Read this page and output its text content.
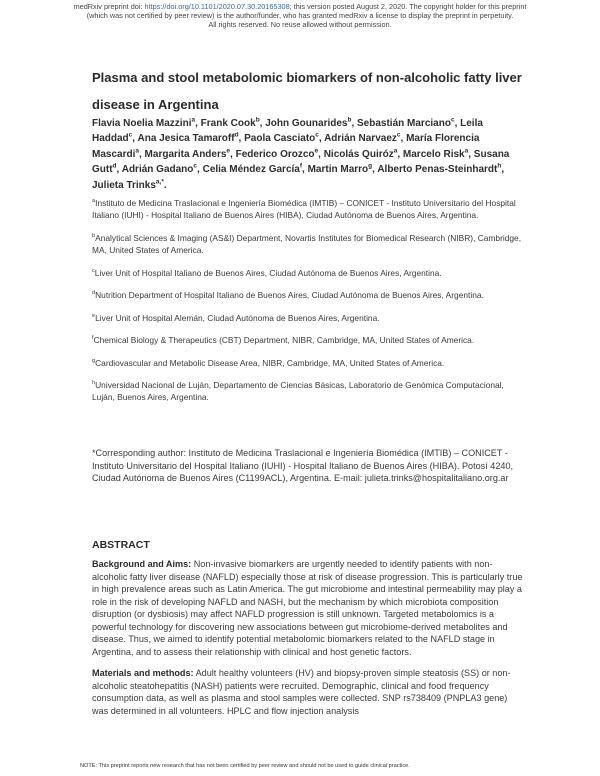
medRxiv preprint doi: https://doi.org/10.1101/2020.07.30.20165308; this version posted August 2, 2020. The copyright holder for this preprint
(which was not certified by peer review) is the author/funder, who has granted medRxiv a license to display the preprint in perpetuity.
All rights reserved. No reuse allowed without permission.
Plasma and stool metabolomic biomarkers of non-alcoholic fatty liver disease in Argentina
Flavia Noelia Mazzini$^a$, Frank Cook$^b$, John Gounarides$^b$, Sebastián Marciano$^c$, Leila Haddad$^c$, Ana Jesica Tamaroff$^d$, Paola Casciato$^c$, Adrián Narvaez$^c$, María Florencia Mascardi$^a$, Margarita Anders$^e$, Federico Orozco$^e$, Nicolás Quiróz$^a$, Marcelo Risk$^a$, Susana Gutt$^d$, Adrián Gadano$^c$, Celia Méndez García$^f$, Martin Marro$^g$, Alberto Penas-Steinhardt$^h$, Julieta Trinks$^{a,*}$.

$^a$Instituto de Medicina Traslacional e Ingeniería Biomédica (IMTIB) – CONICET - Instituto Universitario del Hospital Italiano (IUHI) - Hospital Italiano de Buenos Aires (HIBA), Ciudad Autónoma de Buenos Aires, Argentina.

$^b$Analytical Sciences & Imaging (AS&I) Department, Novartis Institutes for Biomedical Research (NIBR), Cambridge, MA, United States of America.

$^c$Liver Unit of Hospital Italiano de Buenos Aires, Ciudad Autónoma de Buenos Aires, Argentina.

$^d$Nutrition Department of Hospital Italiano de Buenos Aires, Ciudad Autónoma de Buenos Aires, Argentina.

$^e$Liver Unit of Hospital Alemán, Ciudad Autónoma de Buenos Aires, Argentina.

$^f$Chemical Biology & Therapeutics (CBT) Department, NIBR, Cambridge, MA, United States of America.

$^g$Cardiovascular and Metabolic Disease Area, NIBR, Cambridge, MA, United States of America.

$^h$Universidad Nacional de Luján, Departamento de Ciencias Básicas, Laboratorio de Genómica Computacional, Luján, Buenos Aires, Argentina.

*Corresponding author: Instituto de Medicina Traslacional e Ingeniería Biomédica (IMTIB) – CONICET - Instituto Universitario del Hospital Italiano (IUHI) - Hospital Italiano de Buenos Aires (HIBA). Potosí 4240, Ciudad Autónoma de Buenos Aires (C1199ACL), Argentina. E-mail: julieta.trinks@hospitalitaliano.org.ar
ABSTRACT

Background and Aims: Non-invasive biomarkers are urgently needed to identify patients with non-alcoholic fatty liver disease (NAFLD) especially those at risk of disease progression. This is particularly true in high prevalence areas such as Latin America. The gut microbiome and intestinal permeability may play a role in the risk of developing NAFLD and NASH, but the mechanism by which microbiota composition disruption (or dysbiosis) may affect NAFLD progression is still unknown. Targeted metabolomics is a powerful technology for discovering new associations between gut microbiome-derived metabolites and disease. Thus, we aimed to identify potential metabolomic biomarkers related to the NAFLD stage in Argentina, and to assess their relationship with clinical and host genetic factors.

Materials and methods: Adult healthy volunteers (HV) and biopsy-proven simple steatosis (SS) or non-alcoholic steatohepatitis (NASH) patients were recruited. Demographic, clinical and food frequency consumption data, as well as plasma and stool samples were collected. SNP rs738409 (PNPLA3 gene) was determined in all volunteers. HPLC and flow injection analysis

NOTE: This preprint reports new research that has not been certified by peer review and should not be used to guide clinical practice.
